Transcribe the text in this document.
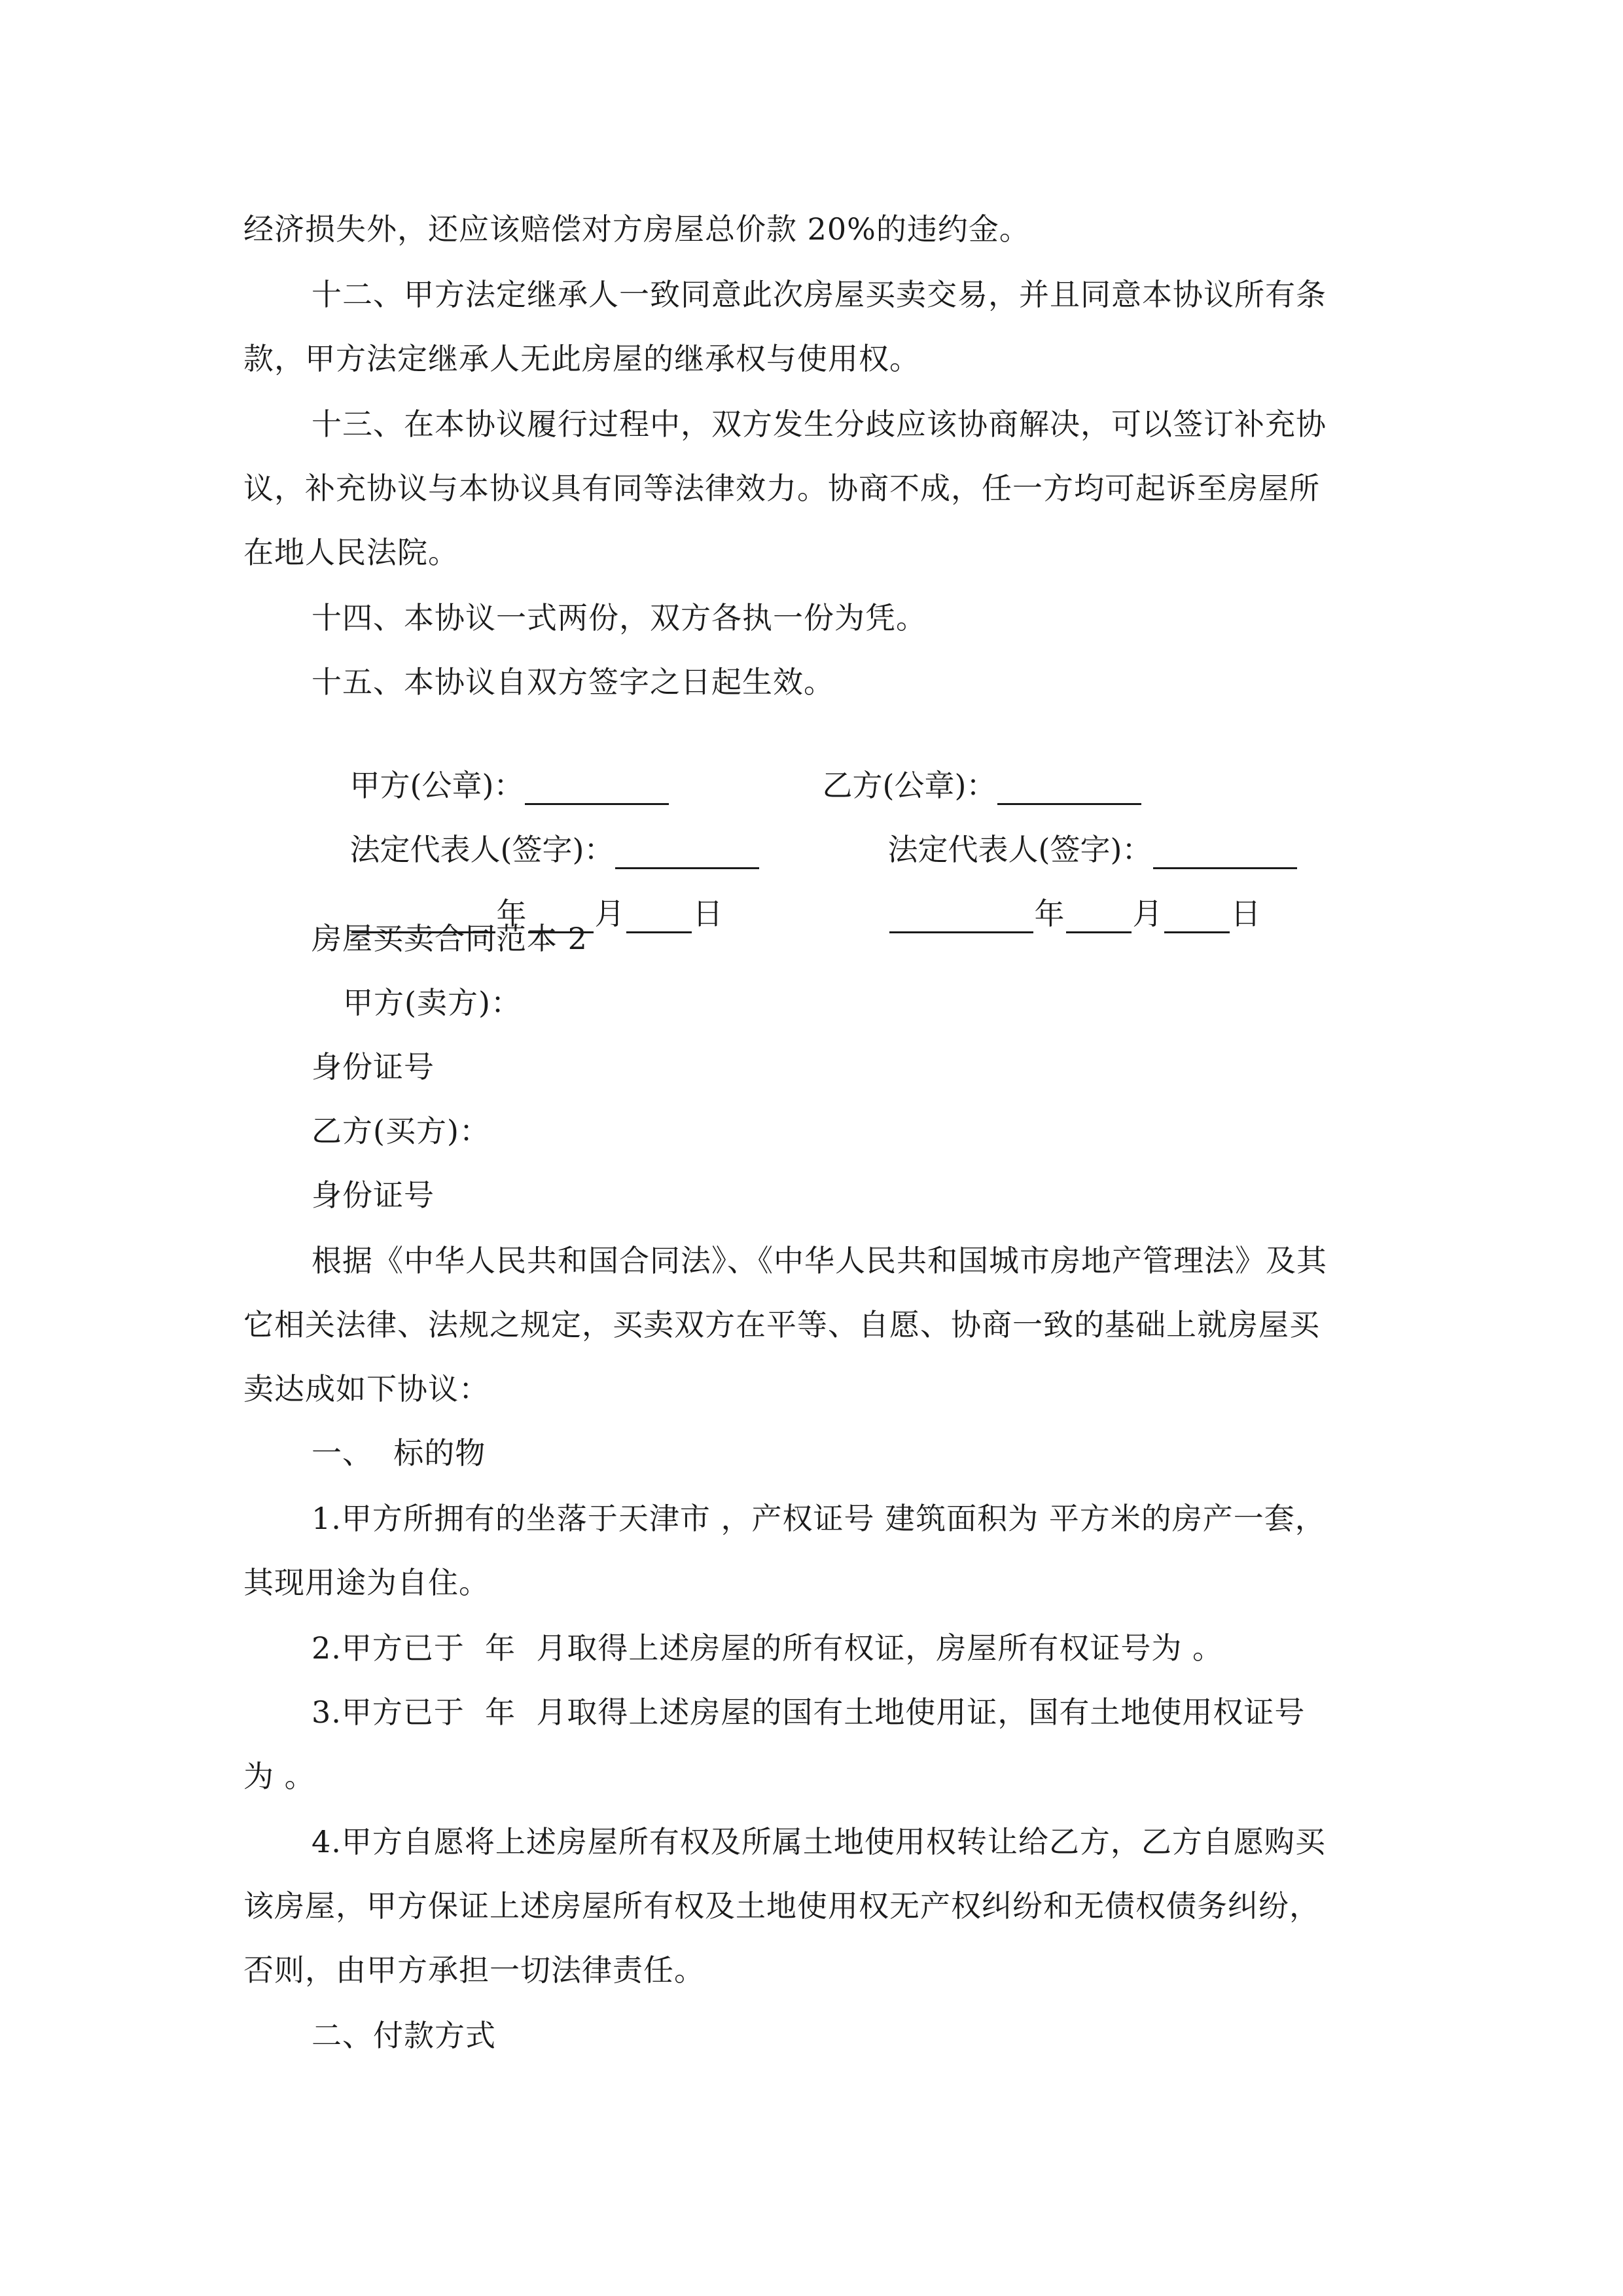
经济损失外，还应该赔偿对方房屋总价款 20%的违约金。
十二、甲方法定继承人一致同意此次房屋买卖交易，并且同意本协议所有条
款，甲方法定继承人无此房屋的继承权与使用权。
十三、在本协议履行过程中，双方发生分歧应该协商解决，可以签订补充协
议，补充协议与本协议具有同等法律效力。协商不成，任一方均可起诉至房屋所
在地人民法院。
十四、本协议一式两份，双方各执一份为凭。
十五、本协议自双方签字之日起生效。

甲方(公章)：
	乙方(公章)：

法定代表人(签字)：
	法定代表人(签字)：

年 月 日
	年 月 日

房屋买卖合同范本 2
甲方(卖方)：
身份证号
乙方(买方)：
身份证号
根据《中华人民共和国合同法》、《中华人民共和国城市房地产管理法》及其
它相关法律、法规之规定，买卖双方在平等、自愿、协商一致的基础上就房屋买
卖达成如下协议：
一、  标的物
1.甲方所拥有的坐落于天津市 ，产权证号 建筑面积为 平方米的房产一套，
其现用途为自住。
2.甲方已于  年  月取得上述房屋的所有权证，房屋所有权证号为 。
3.甲方已于  年  月取得上述房屋的国有土地使用证，国有土地使用权证号
为 。
4.甲方自愿将上述房屋所有权及所属土地使用权转让给乙方，乙方自愿购买
该房屋，甲方保证上述房屋所有权及土地使用权无产权纠纷和无债权债务纠纷，
否则，由甲方承担一切法律责任。
二、付款方式
